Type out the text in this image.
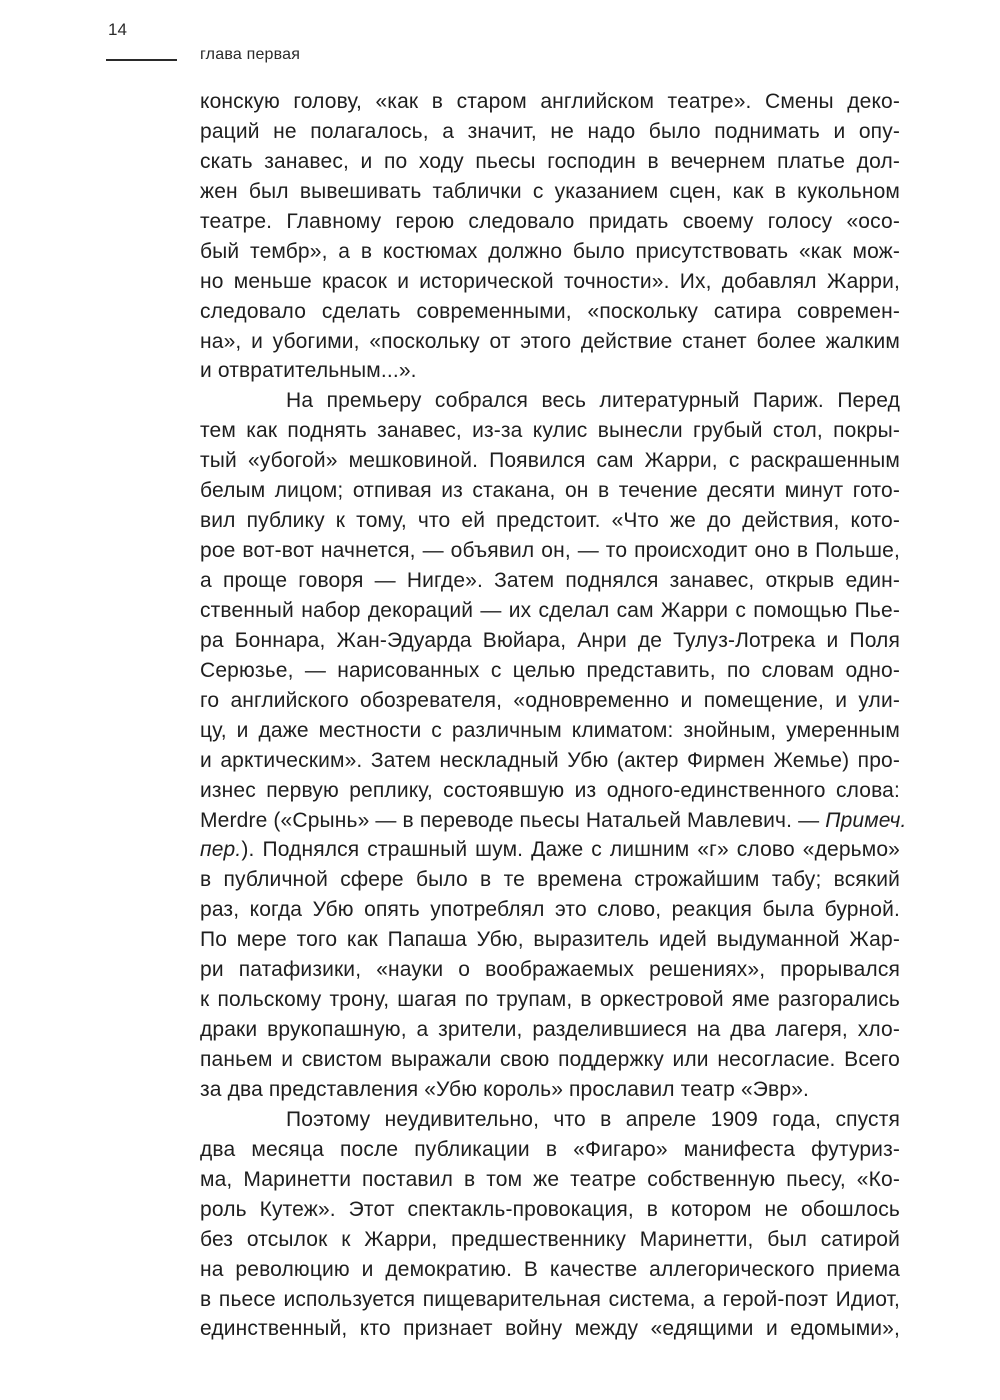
14
глава первая
конскую голову, «как в старом английском театре». Смены деко-
раций не полагалось, а значит, не надо было поднимать и опу-
скать занавес, и по ходу пьесы господин в вечернем платье дол-
жен был вывешивать таблички с указанием сцен, как в кукольном
театре. Главному герою следовало придать своему голосу «осо-
бый тембр», а в костюмах должно было присутствовать «как мож-
но меньше красок и исторической точности». Их, добавлял Жарри,
следовало сделать современными, «поскольку сатира современ-
на», и убогими, «поскольку от этого действие станет более жалким
и отвратительным...».
На премьеру собрался весь литературный Париж. Перед
тем как поднять занавес, из-за кулис вынесли грубый стол, покры-
тый «убогой» мешковиной. Появился сам Жарри, с раскрашенным
белым лицом; отпивая из стакана, он в течение десяти минут гото-
вил публику к тому, что ей предстоит. «Что же до действия, кото-
рое вот-вот начнется, — объявил он, — то происходит оно в Польше,
а проще говоря — Нигде». Затем поднялся занавес, открыв един-
ственный набор декораций — их сделал сам Жарри с помощью Пье-
ра Боннара, Жан-Эдуарда Вюйара, Анри де Тулуз-Лотрека и Поля
Серюзье, — нарисованных с целью представить, по словам одно-
го английского обозревателя, «одновременно и помещение, и ули-
цу, и даже местности с различным климатом: знойным, умеренным
и арктическим». Затем нескладный Убю (актер Фирмен Жемье) про-
изнес первую реплику, состоявшую из одного-единственного слова:
Merdre («Срынь» — в переводе пьесы Натальей Мавлевич. — Примеч.
пер.). Поднялся страшный шум. Даже с лишним «г» слово «дерьмо»
в публичной сфере было в те времена строжайшим табу; всякий
раз, когда Убю опять употреблял это слово, реакция была бурной.
По мере того как Папаша Убю, выразитель идей выдуманной Жар-
ри патафизики, «науки о воображаемых решениях», прорывался
к польскому трону, шагая по трупам, в оркестровой яме разгорались
драки врукопашную, а зрители, разделившиеся на два лагеря, хло-
паньем и свистом выражали свою поддержку или несогласие. Всего
за два представления «Убю король» прославил театр «Эвр».
Поэтому неудивительно, что в апреле 1909 года, спустя
два месяца после публикации в «Фигаро» манифеста футуриз-
ма, Маринетти поставил в том же театре собственную пьесу, «Ко-
роль Кутеж». Этот спектакль-провокация, в котором не обошлось
без отсылок к Жарри, предшественнику Маринетти, был сатирой
на революцию и демократию. В качестве аллегорического приема
в пьесе используется пищеварительная система, а герой-поэт Идиот,
единственный, кто признает войну между «едящими и едомыми»,
